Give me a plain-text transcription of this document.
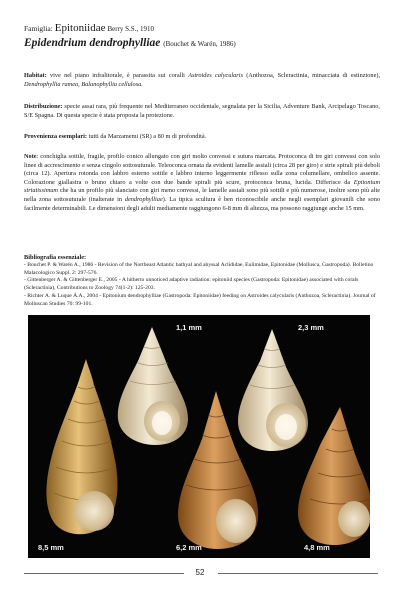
Famiglia: Epitoniidae Berry S.S., 1910
Epidendrium dendrophylliae (Bouchet & Warén, 1986)
Habitat: vive nel piano infralitorale, è parassita sui coralli Astroides calycularis (Anthozoa, Scleractinia, minacciata di estinzione), Dendrophyllia ramea, Balanophyllia cellulosa.
Distribuzione: specie assai rara, più frequente nel Mediterraneo occidentale, segnalata per la Sicilia, Adventure Bank, Arcipelago Toscano, S/E Spagna. Di questa specie è stata proposta la protezione.
Provenienza esemplari: tutti da Marzamemi (SR) a 80 m di profondità.
Note: conchiglia sottile, fragile, profilo conico allungato con giri molto convessi e sutura marcata. Protoconca di tre giri convessi con solo linee di accrescimento e senza cingolo sottosuturale. Teleoconca ornata da evidenti lamelle assiali (circa 28 per giro) e strie spirali più deboli (circa 12). Apertura rotonda con labbro esterno sottile e labbro interno leggermente riflesso sulla zona columellare, ombelico assente. Colorazione giallastra o bruno chiaro a volte con due bande spirali più scure, protoconca bruna, lucida. Differisce da Epitonium striatissimum che ha un profilo più slanciato con giri meno convessi, le lamelle assiali sono più sottili e più numerose, inoltre sono più alte nella zona sottosuturale (inalterate in dendrophylliae). La tipica scultura è ben riconoscibile anche negli esemplari giovanili che sono facilmente determinabili. Le dimensioni degli adulti mediamente raggiungono 6-8 mm di altezza, ma possono raggiunge anche 15 mm.
Bibliografia essenziale:

- Bouchet P. & Warén A., 1986 - Revision of the Northeast Atlantic bathyal and abyssal Aclididae, Eulimidae, Epitonidae (Mollusca, Gastropoda). Bolletino Malacologico Suppl. 2: 297-576.

- Gittenberger A. & Gittenberger E., 2005 - A hitherto unnoticed adaptive radiation: epitoniid species (Gastropoda: Epitonidae) associated with corals (Scleractinia), Contributions to Zoology 74(1-2): 125-203.

- Richter A. & Luque Á.A., 2004 - Epitonium dendrophylliae (Gastropoda: Epitoniidae) feeding on Astroides calycularis (Anthozoa, Scleractinia). Journal of Molluscan Studies 70: 99-101.

1,1 mm	2,3 mm
8,5 mm	6,2 mm	4,8 mm
52
